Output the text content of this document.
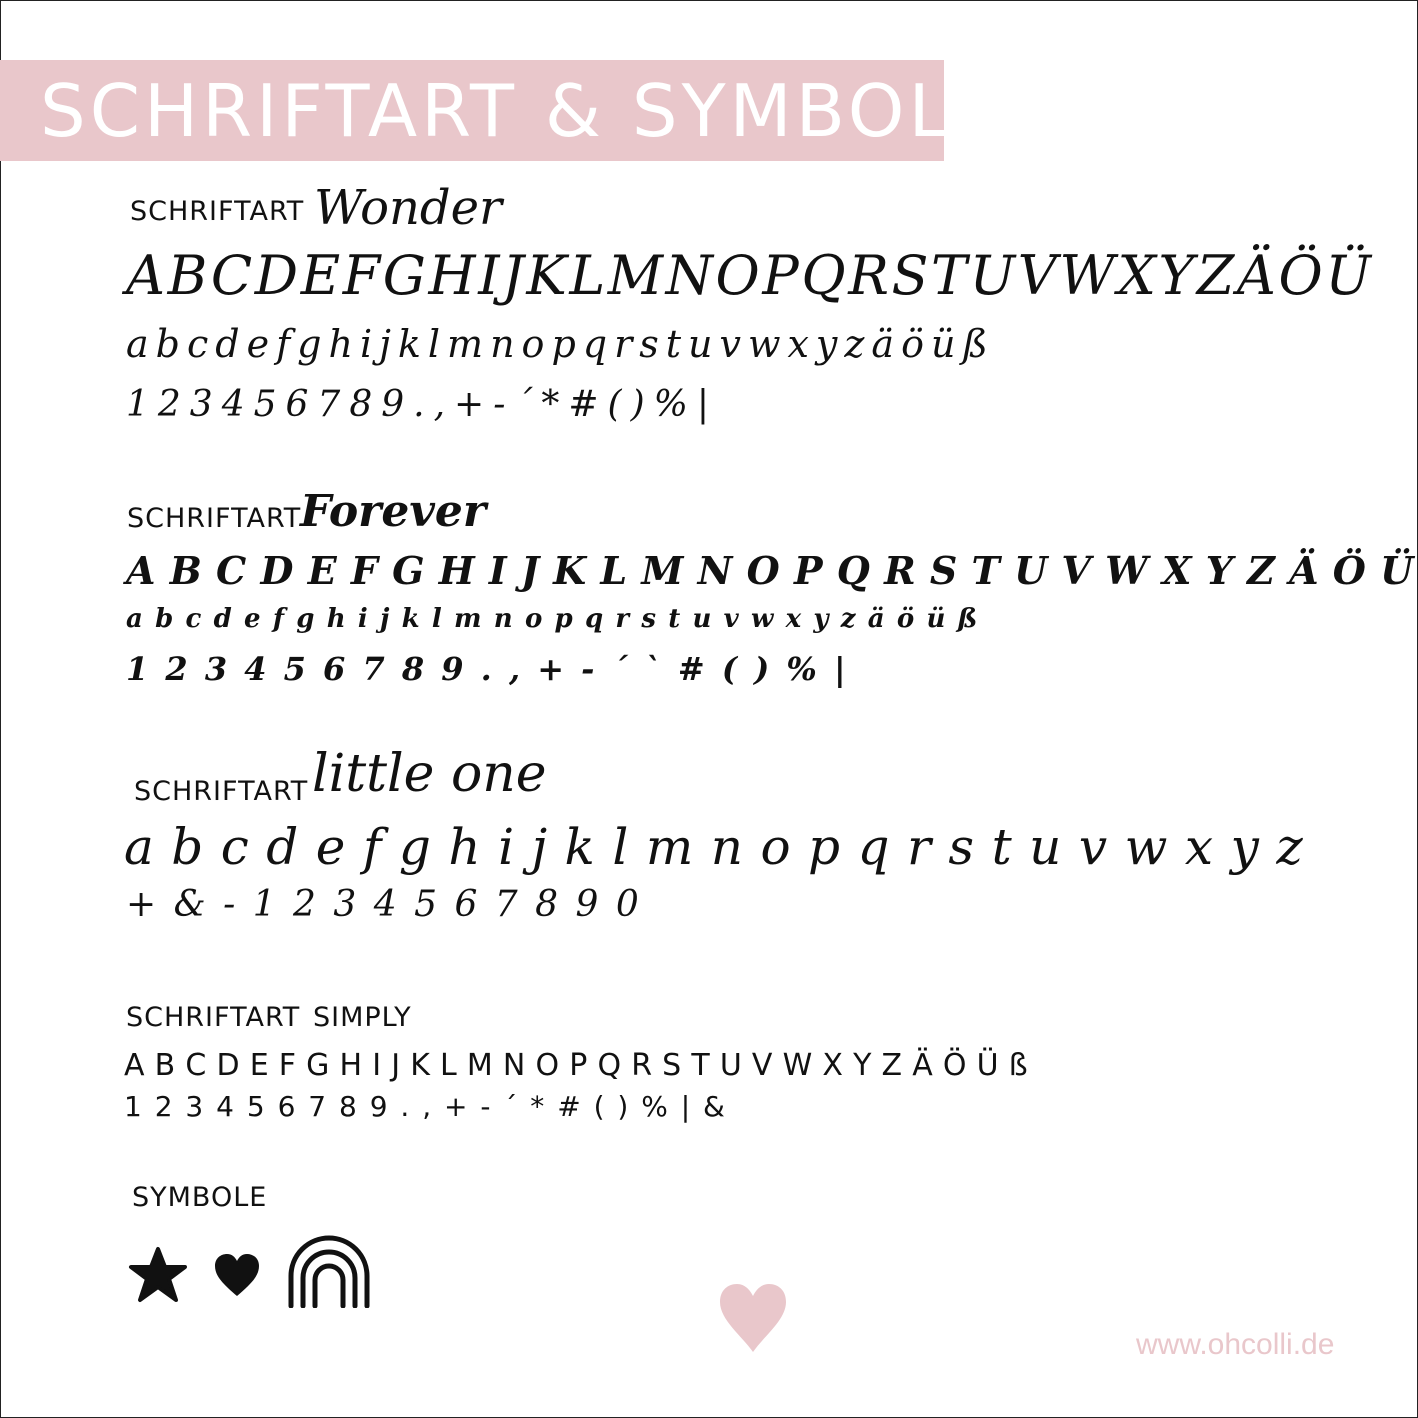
SCHRIFTART & SYMBOLE
SCHRIFTART Wonder
ABCDEFGHIJKLMNOPQRSTUVWXYZÄÖÜ
abcdefghijklmnopqrstuvwxyzäöüß
123456789.,+-´*#()%|
SCHRIFTART
Forever
A B C D E F G H I J K L M N O P Q R S T U V W X Y Z Ä Ö Ü
a b c d e f g h i j k l m n o p q r s t u v w x y z ä ö ü ß
1 2 3 4 5 6 7 8 9 . , + - ´ ` # ( ) % |
SCHRIFTART little one
a b c d e f g h i j k l m n o p q r s t u v w x y z
+ & - 1 2 3 4 5 6 7 8 9 0
SCHRIFTART SIMPLY
A B C D E F G H I J K L M N O P Q R S T U V W X Y Z Ä Ö Ü ß
1 2 3 4 5 6 7 8 9 . , + - ´ * # ( ) % | &
SYMBOLE
www.ohcolli.de
